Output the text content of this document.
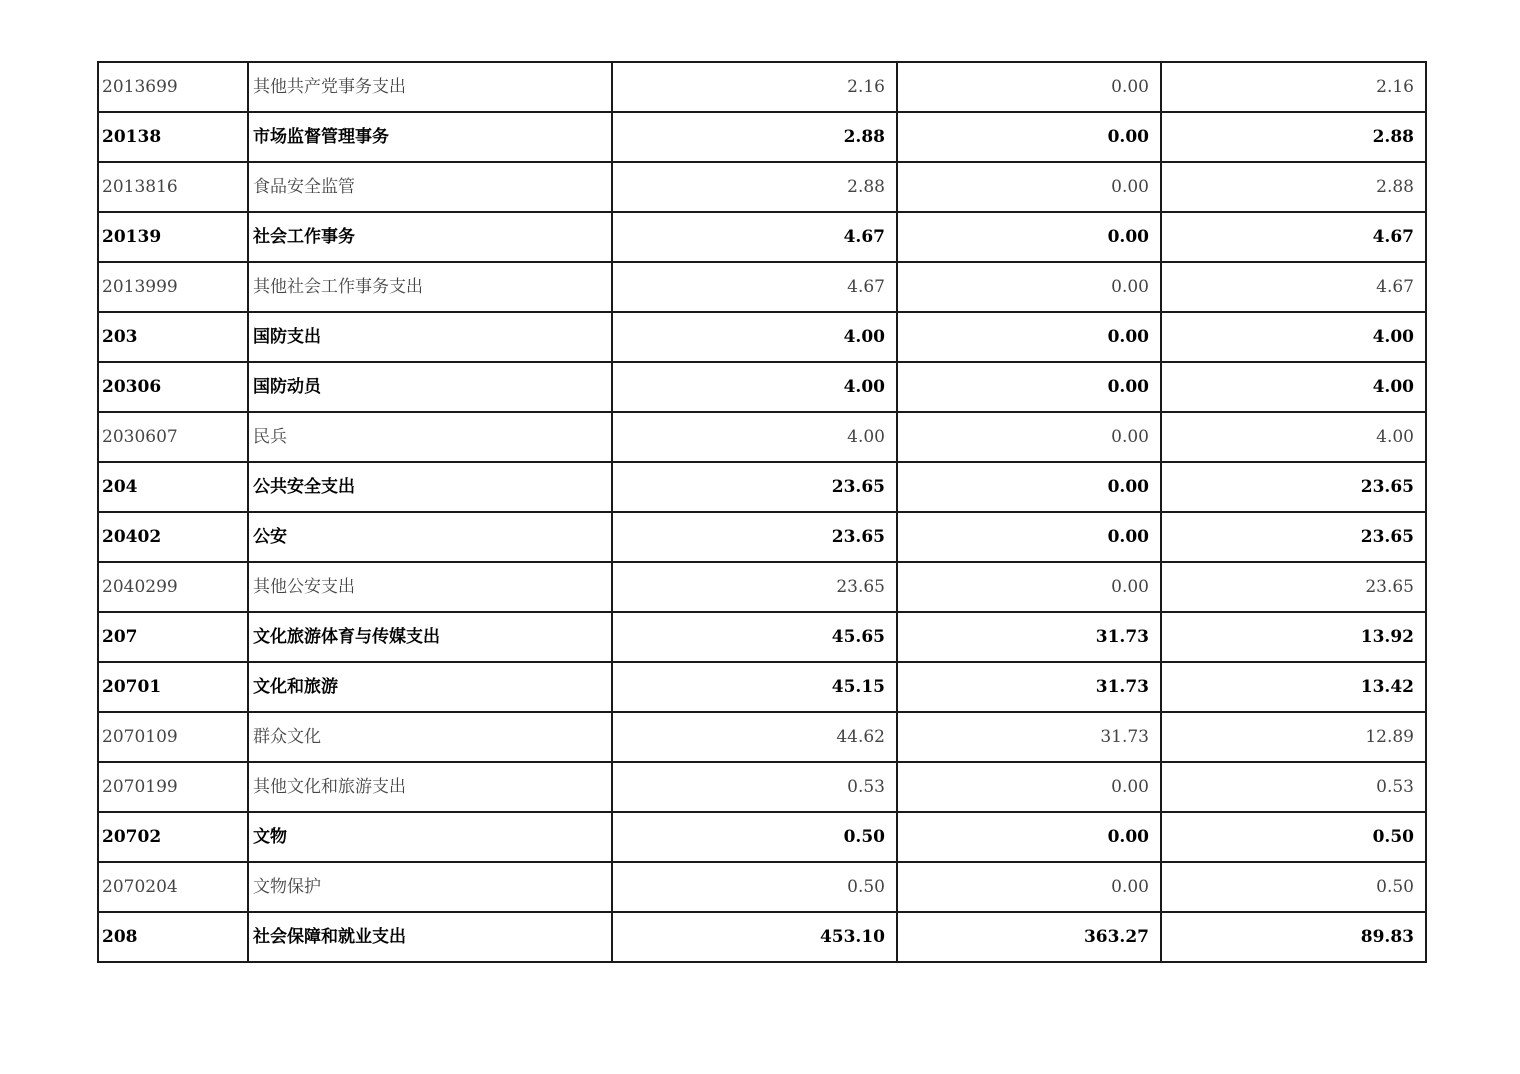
2013699	其他共产党事务支出	2.16	0.00	2.16
20138	市场监督管理事务	2.88	0.00	2.88
2013816	食品安全监管	2.88	0.00	2.88
20139	社会工作事务	4.67	0.00	4.67
2013999	其他社会工作事务支出	4.67	0.00	4.67
203	国防支出	4.00	0.00	4.00
20306	国防动员	4.00	0.00	4.00
2030607	民兵	4.00	0.00	4.00
204	公共安全支出	23.65	0.00	23.65
20402	公安	23.65	0.00	23.65
2040299	其他公安支出	23.65	0.00	23.65
207	文化旅游体育与传媒支出	45.65	31.73	13.92
20701	文化和旅游	45.15	31.73	13.42
2070109	群众文化	44.62	31.73	12.89
2070199	其他文化和旅游支出	0.53	0.00	0.53
20702	文物	0.50	0.00	0.50
2070204	文物保护	0.50	0.00	0.50
208	社会保障和就业支出	453.10	363.27	89.83
